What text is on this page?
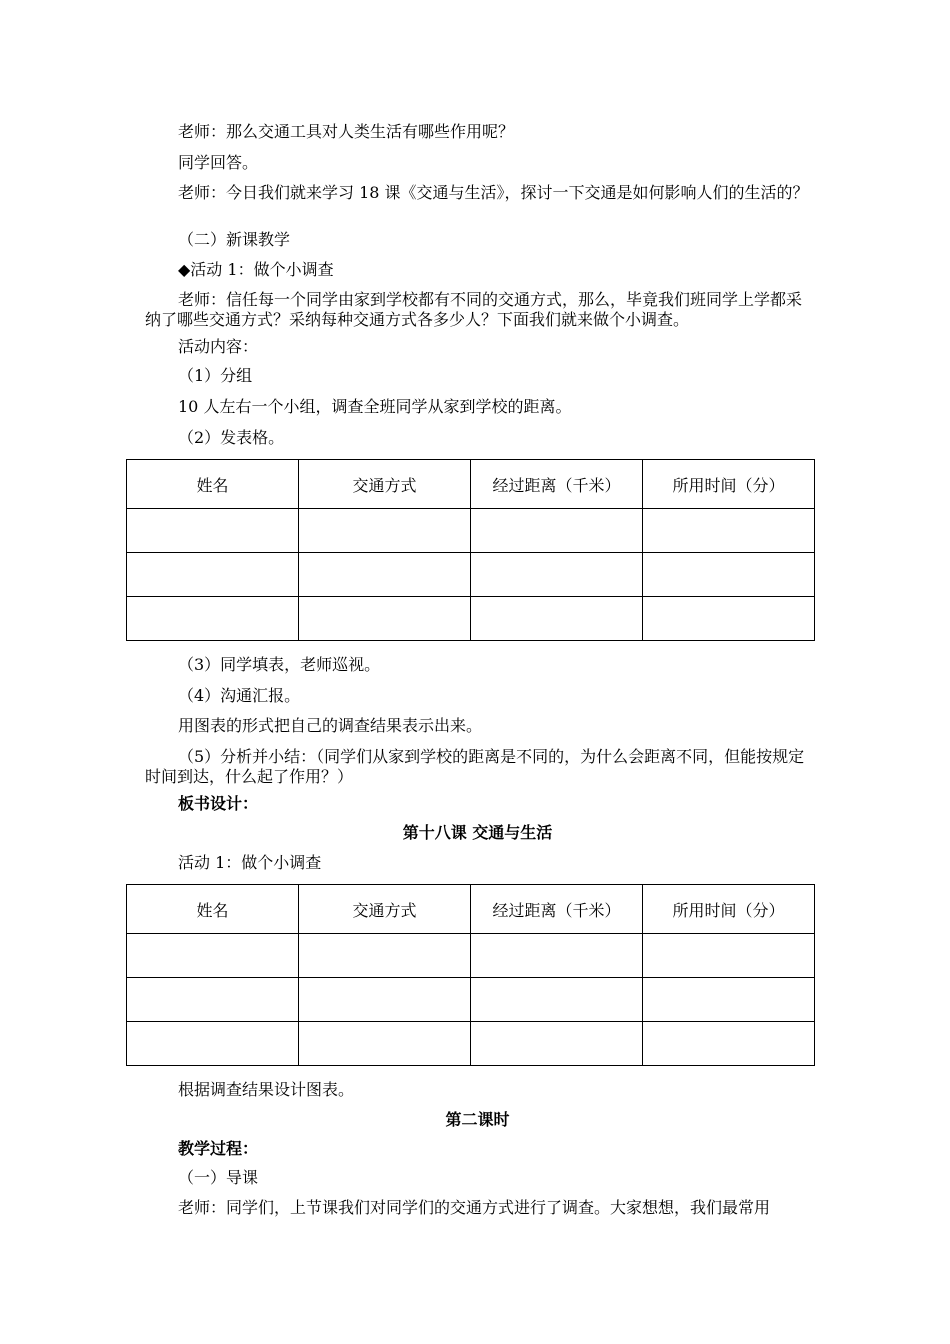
老师：那么交通工具对人类生活有哪些作用呢？
同学回答。
老师：今日我们就来学习 18 课《交通与生活》，探讨一下交通是如何影响人们的生活的？
（二）新课教学
◆活动 1：做个小调查
老师：信任每一个同学由家到学校都有不同的交通方式，那么，毕竟我们班同学上学都采纳了哪些交通方式？采纳每种交通方式各多少人？下面我们就来做个小调查。
活动内容：
（1）分组
10 人左右一个小组，调查全班同学从家到学校的距离。
（2）发表格。
姓名	交通方式	经过距离（千米）	所用时间（分）

（3）同学填表，老师巡视。
（4）沟通汇报。
用图表的形式把自己的调查结果表示出来。
（5）分析并小结：（同学们从家到学校的距离是不同的，为什么会距离不同，但能按规定时间到达，什么起了作用？）
板书设计：
第十八课 交通与生活
活动 1：做个小调查
姓名	交通方式	经过距离（千米）	所用时间（分）

根据调查结果设计图表。
第二课时
教学过程：
（一）导课
老师：同学们，上节课我们对同学们的交通方式进行了调查。大家想想，我们最常用
